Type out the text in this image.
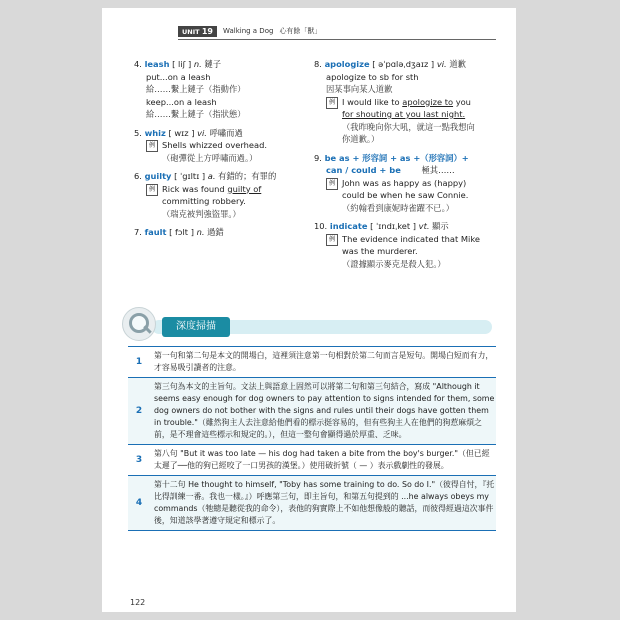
UNIT 19	Walking a Dog 心有餘「獸」
4. leash [ liʃ ] n. 鏈子
put...on a leash
給……繫上鏈子（指動作）
keep...on a leash
給……繫上鏈子（指狀態）
5. whiz [ wɪz ] vi. 呼嘯而過
例 Shells whizzed overhead.
（砲彈從上方呼嘯而過。）
6. guilty [ ˈgɪltɪ ] a. 有錯的；有罪的
例 Rick was found guilty of
committing robbery.
（瑞克被判強盜罪。）
7. fault [ fɔlt ] n. 過錯
8. apologize [ əˈpɑləˌdʒaɪz ] vi. 道歉
apologize to sb for sth
因某事向某人道歉
例 I would like to apologize to you
for shouting at you last night.
（我昨晚向你大吼，就這一點我想向
你道歉。）
9. be as + 形容詞 + as +（形容詞）+
can / could + be 極其……
例 John was as happy as (happy)
could be when he saw Connie.
（約翰看到康妮時雀躍不已。）
10. indicate [ ˈɪndɪˌket ] vt. 顯示
例 The evidence indicated that Mike
was the murderer.
（證據顯示麥克是殺人犯。）
深度掃描
1
第一句和第二句是本文的開場白，這裡須注意第一句相對於第二句而言是短句。開場白短而有力，才容易吸引讀者的注意。
2
第三句為本文的主旨句。文法上與語意上固然可以將第二句和第三句結合，寫成 "Although it seems easy enough for dog owners to pay attention to signs intended for them, some dog owners do not bother with the signs and rules until their dogs have gotten them in trouble."（雖然狗主人去注意給他們看的標示挺容易的，但有些狗主人在他們的狗惹麻煩之前，是不理會這些標示和規定的。），但這一整句會顯得過於厚重、乏味。
3
第八句 "But it was too late — his dog had taken a bite from the boy's burger."（但已經太遲了──他的狗已經咬了一口男孩的漢堡。）使用破折號（ — ）表示戲劇性的發展。
4
第十二句 He thought to himself, "Toby has some training to do. So do I."（彼得自忖，『托比得訓練一番。我也一樣。』）呼應第三句，即主旨句，和第五句提到的 ...he always obeys my commands（牠總是聽從我的命令），表他的狗實際上不如他想像般的聽話，而彼得經過這次事件後，知道該學著遵守規定和標示了。
122
